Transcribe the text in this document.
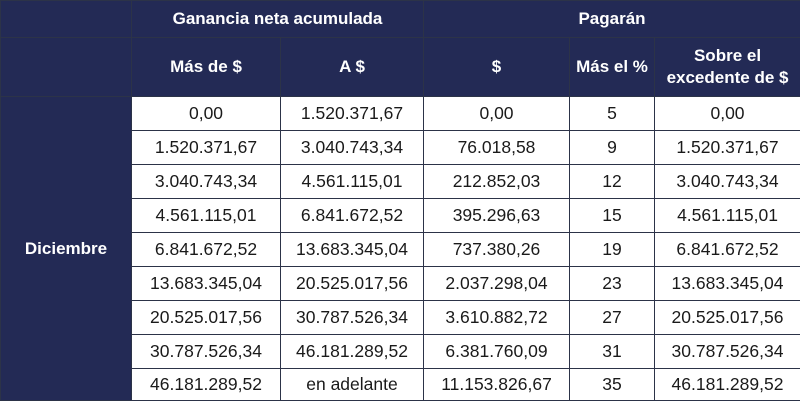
	Ganancia neta acumulada		Pagarán		
	Más de $	A $	$	Más el %	Sobre el excedente de $
Diciembre	0,00	1.520.371,67	0,00	5	0,00
	1.520.371,67	3.040.743,34	76.018,58	9	1.520.371,67
	3.040.743,34	4.561.115,01	212.852,03	12	3.040.743,34
	4.561.115,01	6.841.672,52	395.296,63	15	4.561.115,01
	6.841.672,52	13.683.345,04	737.380,26	19	6.841.672,52
	13.683.345,04	20.525.017,56	2.037.298,04	23	13.683.345,04
	20.525.017,56	30.787.526,34	3.610.882,72	27	20.525.017,56
	30.787.526,34	46.181.289,52	6.381.760,09	31	30.787.526,34
	46.181.289,52	en adelante	11.153.826,67	35	46.181.289,52
